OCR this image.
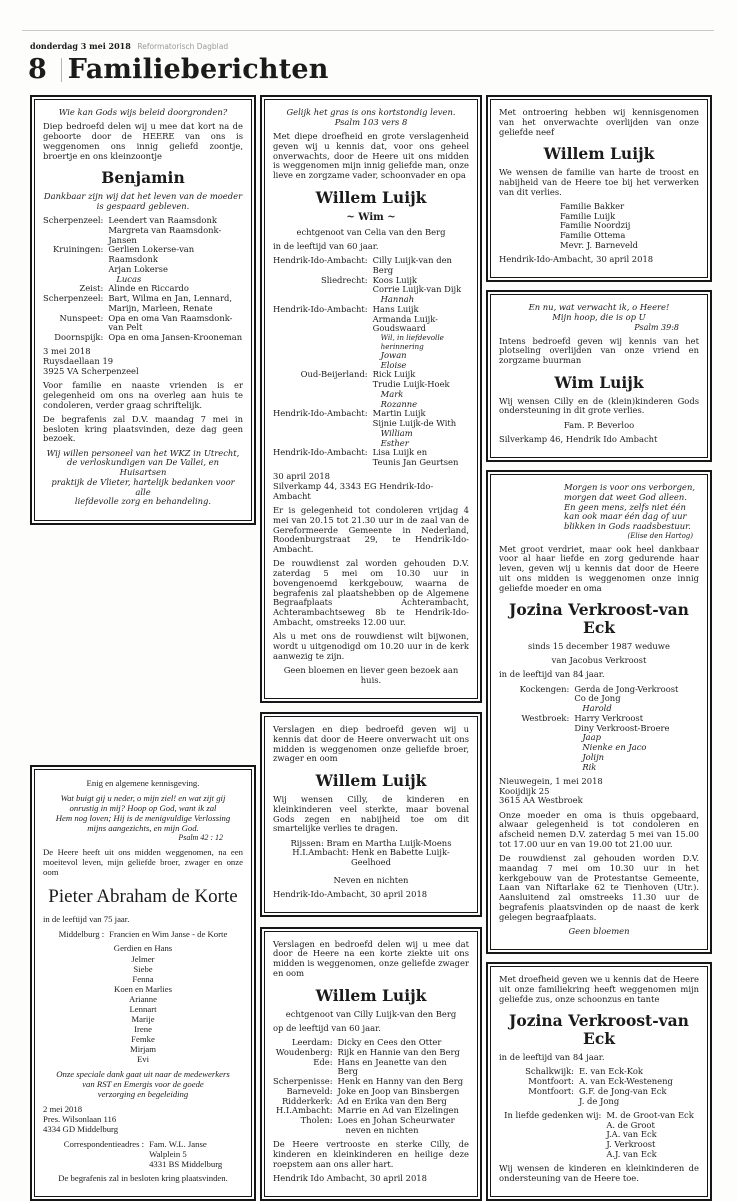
donderdag 3 mei 2018 Reformatorisch Dagblad
8 Familieberichten
Wie kan Gods wijs beleid doorgronden?
Diep bedroefd delen wij u mee dat kort na de geboorte door de HEERE van ons is weggenomen ons innig geliefd zoontje, broertje en ons kleinzoontje
Benjamin
Dankbaar zijn wij dat het leven van de moeder
is gespaard gebleven.
Scherpenzeel:	Leendert van Raamsdonk
Margreta van Raamsdonk-Jansen

Kruiningen:	Gerlien Lokerse-van Raamsdonk
Arjan Lokerse
Lucas

Zeist:	Alinde en Riccardo

Scherpenzeel:	Bart, Wilma en Jan, Lennard,
Marijn, Marleen, Renate

Nunspeet:	Opa en oma Van Raamsdonk-van Pelt

Doornspijk:	Opa en oma Jansen-Krooneman
3 mei 2018
Ruysdaellaan 19
3925 VA Scherpenzeel
Voor familie en naaste vrienden is er gelegenheid om ons na overleg aan huis te condoleren, verder graag schriftelijk.
De begrafenis zal D.V. maandag 7 mei in besloten kring plaatsvinden, deze dag geen bezoek.
Wij willen personeel van het WKZ in Utrecht,
de verloskundigen van De Vallei, en Huisartsen
praktijk de Vlieter, hartelijk bedanken voor alle
liefdevolle zorg en behandeling.
Enig en algemene kennisgeving.
Wat buigt gij u neder, o mijn ziel! en wat zijt gij
onrustig in mij? Hoop op God, want ik zal
Hem nog loven; Hij is de menigvuldige Verlossing
mijns aangezichts, en mijn God.
Psalm 42 : 12
De Heere heeft uit ons midden weggenomen, na een moeitevol leven, mijn geliefde broer, zwager en onze oom
Pieter Abraham de Korte
in de leeftijd van 75 jaar.
Middelburg :	Francien en Wim Janse - de Korte
Gerdien en Hans
Jelmer
Siebe
Fenna
Koen en Marlies
Arianne
Lennart
Marije
Irene
Femke
Mirjam
Evi
Onze speciale dank gaat uit naar de medewerkers
van RST en Emergis voor de goede
verzorging en begeleiding
2 mei 2018
Pres. Wilsonlaan 116
4334 GD Middelburg
Correspondentieadres :	Fam. W.L. Janse
Walplein 5
4331 BS Middelburg
De begrafenis zal in besloten kring plaatsvinden.
Gelijk het gras is ons kortstondig leven.
Psalm 103 vers 8
Met diepe droefheid en grote verslagenheid geven wij u kennis dat, voor ons geheel onverwachts, door de Heere uit ons midden is weggenomen mijn innig geliefde man, onze lieve en zorgzame vader, schoonvader en opa
Willem Luijk
~ Wim ~
echtgenoot van Celia van den Berg
in de leeftijd van 60 jaar.
Hendrik-Ido-Ambacht:	Cilly Luijk-van den Berg

Sliedrecht:	Koos Luijk
Corrie Luijk-van Dijk
Hannah

Hendrik-Ido-Ambacht:	Hans Luijk
Armanda Luijk-Goudswaard
Wil, in liefdevolle herinnering
Jowan
Eloise

Oud-Beijerland:	Rick Luijk
Trudie Luijk-Hoek
Mark
Rozanne

Hendrik-Ido-Ambacht:	Martin Luijk
Sijnie Luijk-de With
William
Esther

Hendrik-Ido-Ambacht:	Lisa Luijk en
Teunis Jan Geurtsen
30 april 2018
Silverkamp 44, 3343 EG Hendrik-Ido-Ambacht
Er is gelegenheid tot condoleren vrijdag 4 mei van 20.15 tot 21.30 uur in de zaal van de Gereformeerde Gemeente in Nederland, Roodenburgstraat 29, te Hendrik-Ido-Ambacht.
De rouwdienst zal worden gehouden D.V. zaterdag 5 mei om 10.30 uur in bovengenoemd kerkgebouw, waarna de begrafenis zal plaatshebben op de Algemene Begraafplaats Achterambacht, Achterambachtseweg 8b te Hendrik-Ido-Ambacht, omstreeks 12.00 uur.
Als u met ons de rouwdienst wilt bijwonen, wordt u uitgenodigd om 10.20 uur in de kerk aanwezig te zijn.
Geen bloemen en liever geen bezoek aan huis.
Verslagen en diep bedroefd geven wij u kennis dat door de Heere onverwacht uit ons midden is weggenomen onze geliefde broer, zwager en oom
Willem Luijk
Wij wensen Cilly, de kinderen en kleinkinderen veel sterkte, maar bovenal Gods zegen en nabijheid toe om dit smartelijke verlies te dragen.
Rijssen: Bram en Martha Luijk-Moens
H.I.Ambacht: Henk en Babette Luijk-Geelhoed
Neven en nichten
Hendrik-Ido-Ambacht, 30 april 2018
Verslagen en bedroefd delen wij u mee dat door de Heere na een korte ziekte uit ons midden is weggenomen, onze geliefde zwager en oom
Willem Luijk
echtgenoot van Cilly Luijk-van den Berg
op de leeftijd van 60 jaar.
Leerdam:	Dicky en Cees den Otter

Woudenberg:	Rijk en Hannie van den Berg

Ede:	Hans en Jeanette van den Berg

Scherpenisse:	Henk en Hanny van den Berg

Barneveld:	Joke en Joop van Binsbergen

Ridderkerk:	Ad en Erika van den Berg

H.I.Ambacht:	Marrie en Ad van Elzelingen

Tholen:	Loes en Johan Scheurwater
neven en nichten
De Heere vertrooste en sterke Cilly, de kinderen en kleinkinderen en heilige deze roepstem aan ons aller hart.
Hendrik Ido Ambacht, 30 april 2018
Met ontroering hebben wij kennisgenomen van het onverwachte overlijden van onze geliefde neef
Willem Luijk
We wensen de familie van harte de troost en nabijheid van de Heere toe bij het verwerken van dit verlies.
Familie Bakker
Familie Luijk
Familie Noordzij
Familie Ottema
Mevr. J. Barneveld
Hendrik-Ido-Ambacht, 30 april 2018
En nu, wat verwacht ik, o Heere!
Mijn hoop, die is op U
Psalm 39:8
Intens bedroefd geven wij kennis van het plotseling overlijden van onze vriend en zorgzame buurman
Wim Luijk
Wij wensen Cilly en de (klein)kinderen Gods ondersteuning in dit grote verlies.
Fam. P. Beverloo
Silverkamp 46, Hendrik Ido Ambacht
Morgen is voor ons verborgen,
morgen dat weet God alleen.
En geen mens, zelfs niet één
kan ook maar één dag of uur
blikken in Gods raadsbestuur.
(Elise den Hartog)
Met groot verdriet, maar ook heel dankbaar voor al haar liefde en zorg gedurende haar leven, geven wij u kennis dat door de Heere uit ons midden is weggenomen onze innig geliefde moeder en oma
Jozina Verkroost-van Eck
sinds 15 december 1987 weduwe
van Jacobus Verkroost
in de leeftijd van 84 jaar.
Kockengen:	Gerda de Jong-Verkroost
Co de Jong
Harold

Westbroek:	Harry Verkroost
Diny Verkroost-Broere
Jaap
Nienke en Jaco
Jolijn
Rik
Nieuwegein, 1 mei 2018
Kooijdijk 25
3615 AA Westbroek
Onze moeder en oma is thuis opgebaard, alwaar gelegenheid is tot condoleren en afscheid nemen D.V. zaterdag 5 mei van 15.00 tot 17.00 uur en van 19.00 tot 21.00 uur.
De rouwdienst zal gehouden worden D.V. maandag 7 mei om 10.30 uur in het kerkgebouw van de Protestantse Gemeente, Laan van Niftarlake 62 te Tienhoven (Utr.). Aansluitend zal omstreeks 11.30 uur de begrafenis plaatsvinden op de naast de kerk gelegen begraafplaats.
Geen bloemen
Met droefheid geven we u kennis dat de Heere uit onze familiekring heeft weggenomen mijn geliefde zus, onze schoonzus en tante
Jozina Verkroost-van Eck
in de leeftijd van 84 jaar.
Schalkwijk:	E. van Eck-Kok

Montfoort:	A. van Eck-Westeneng

Montfoort:	G.F. de Jong-van Eck
J. de Jong
In liefde gedenken wij:	M. de Groot-van Eck
A. de Groot
J.A. van Eck
J. Verkroost
A.J. van Eck
Wij wensen de kinderen en kleinkinderen de ondersteuning van de Heere toe.
